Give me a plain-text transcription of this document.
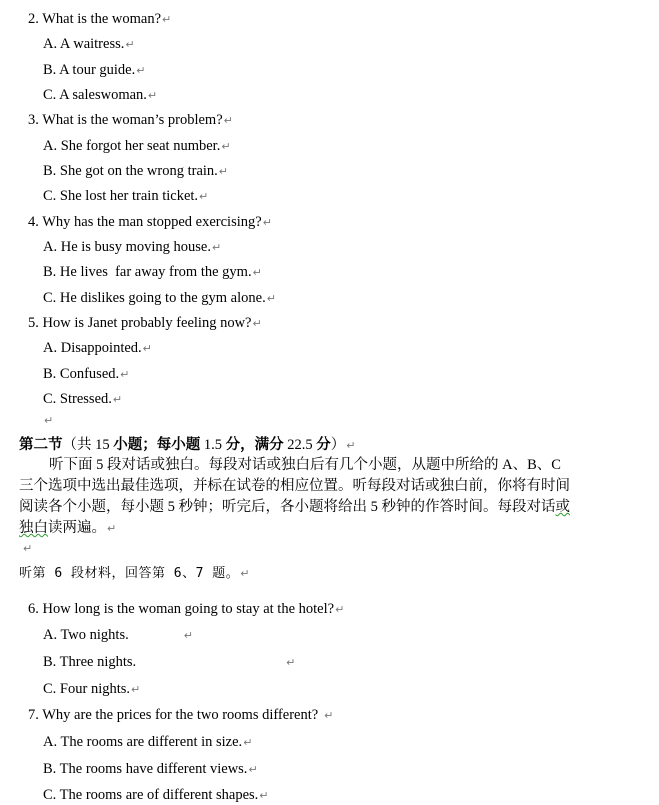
2. What is the woman?↵
A. A waitress.↵
B. A tour guide.↵
C. A saleswoman.↵
3. What is the woman’s problem?↵
A. She forgot her seat number.↵
B. She got on the wrong train.↵
C. She lost her train ticket.↵
4. Why has the man stopped exercising?↵
A. He is busy moving house.↵
B. He lives  far away from the gym.↵
C. He dislikes going to the gym alone.↵
5. How is Janet probably feeling now?↵
A. Disappointed.↵
B. Confused.↵
C. Stressed.↵
↵
第二节（共 15 小题；每小题 1.5 分，满分 22.5 分）↵
听下面 5 段对话或独白。每段对话或独白后有几个小题，从题中所给的 A、B、C 三个选项中选出最佳选项，并标在试卷的相应位置。听每段对话或独白前，你将有时间阅读各个小题，每小题 5 秒钟；听完后，各小题将给出 5 秒钟的作答时间。每段对话或独白读两遍。↵
↵
听第 6 段材料，回答第 6、7 题。↵
6. How long is the woman going to stay at the hotel?↵
A. Two nights.	↵
B. Three nights.	↵
C. Four nights.↵
7. Why are the prices for the two rooms different? ↵
A. The rooms are different in size.↵
B. The rooms have different views.↵
C. The rooms are of different shapes.↵
